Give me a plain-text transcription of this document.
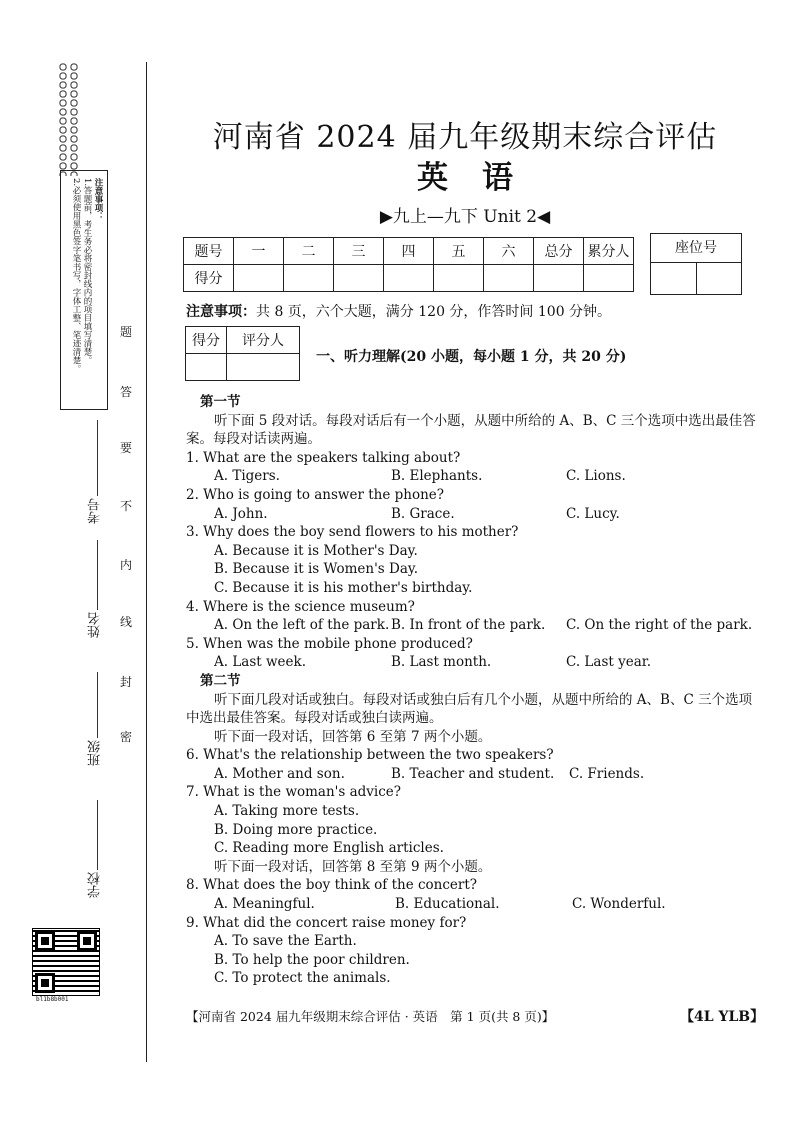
注意事项：
1.答题前，考生务必将密封线内的项目填写清楚。
2.必须使用黑色签字笔书写，字体工整、笔迹清楚。
学校
班级
姓名
考号
密
封
线
内
不
要
答
题
bl1b8b001
河南省 2024 届九年级期末综合评估
英语
▶九上—九下 Unit 2◀
题号	一	二	三	四	五	六	总分	累分人
得分								
座位号
注意事项：共 8 页，六个大题，满分 120 分，作答时间 100 分钟。
得分	评分人

一、听力理解(20 小题，每小题 1 分，共 20 分)
第一节
听下面 5 段对话。每段对话后有一个小题，从题中所给的 A、B、C 三个选项中选出最佳答案。每段对话读两遍。
1. What are the speakers talking about?
A. Tigers.	B. Elephants.	C. Lions.
2. Who is going to answer the phone?
A. John.	B. Grace.	C. Lucy.
3. Why does the boy send flowers to his mother?
A. Because it is Mother's Day.
B. Because it is Women's Day.
C. Because it is his mother's birthday.
4. Where is the science museum?
A. On the left of the park. B. In front of the park. C. On the right of the park.
5. When was the mobile phone produced?
A. Last week.	B. Last month.	C. Last year.
第二节
听下面几段对话或独白。每段对话或独白后有几个小题，从题中所给的 A、B、C 三个选项中选出最佳答案。每段对话或独白读两遍。
听下面一段对话，回答第 6 至第 7 两个小题。
6. What's the relationship between the two speakers?
A. Mother and son.	B. Teacher and student. C. Friends.
7. What is the woman's advice?
A. Taking more tests.
B. Doing more practice.
C. Reading more English articles.
听下面一段对话，回答第 8 至第 9 两个小题。
8. What does the boy think of the concert?
A. Meaningful.	B. Educational.	C. Wonderful.
9. What did the concert raise money for?
A. To save the Earth.
B. To help the poor children.
C. To protect the animals.
【河南省 2024 届九年级期末综合评估 · 英语　第 1 页(共 8 页)】	【4L YLB】
